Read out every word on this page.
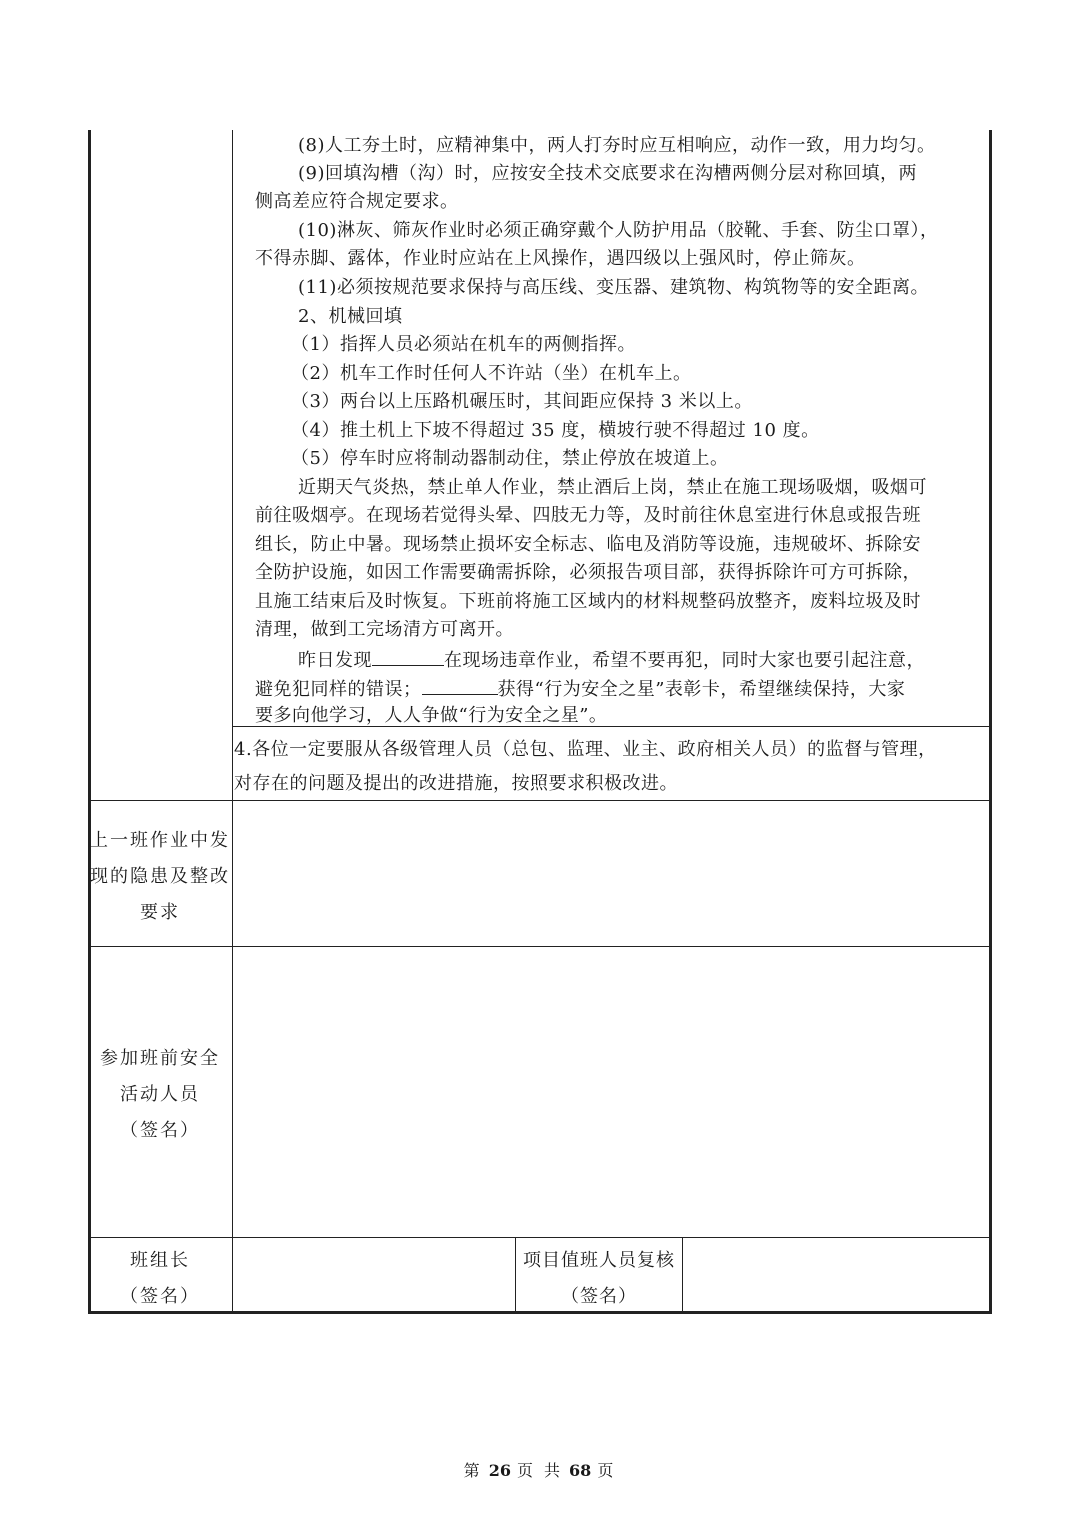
(8)人工夯土时，应精神集中，两人打夯时应互相响应，动作一致，用力均匀。
(9)回填沟槽（沟）时，应按安全技术交底要求在沟槽两侧分层对称回填，两
侧高差应符合规定要求。
(10)淋灰、筛灰作业时必须正确穿戴个人防护用品（胶靴、手套、防尘口罩），
不得赤脚、露体，作业时应站在上风操作，遇四级以上强风时，停止筛灰。
(11)必须按规范要求保持与高压线、变压器、建筑物、构筑物等的安全距离。
2、机械回填
（1）指挥人员必须站在机车的两侧指挥。
（2）机车工作时任何人不许站（坐）在机车上。
（3）两台以上压路机碾压时，其间距应保持 3 米以上。
（4）推土机上下坡不得超过 35 度，横坡行驶不得超过 10 度。
（5）停车时应将制动器制动住，禁止停放在坡道上。
近期天气炎热，禁止单人作业，禁止酒后上岗，禁止在施工现场吸烟，吸烟可
前往吸烟亭。在现场若觉得头晕、四肢无力等，及时前往休息室进行休息或报告班
组长，防止中暑。现场禁止损坏安全标志、临电及消防等设施，违规破坏、拆除安
全防护设施，如因工作需要确需拆除，必须报告项目部，获得拆除许可方可拆除，
且施工结束后及时恢复。下班前将施工区域内的材料规整码放整齐，废料垃圾及时
清理，做到工完场清方可离开。
昨日发现	在现场违章作业，希望不要再犯，同时大家也要引起注意，
避免犯同样的错误；	获得“行为安全之星”表彰卡，希望继续保持，大家
要多向他学习，人人争做“行为安全之星”。
4.各位一定要服从各级管理人员（总包、监理、业主、政府相关人员）的监督与管理，
对存在的问题及提出的改进措施，按照要求积极改进。
上一班作业中发
现的隐患及整改
要求
参加班前安全
活动人员
（签名）
班组长
（签名）
项目值班人员复核
（签名）
第 26 页 共 68 页
